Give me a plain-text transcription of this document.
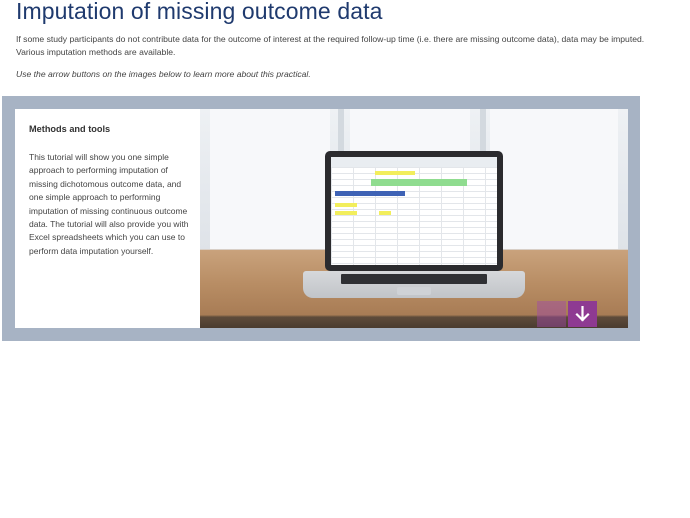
Imputation of missing outcome data

If some study participants do not contribute data for the outcome of interest at the required follow-up time (i.e. there are missing outcome data), data may be imputed. Various imputation methods are available.

Use the arrow buttons on the images below to learn more about this practical.

Methods and tools

This tutorial will show you one simple approach to performing imputation of missing dichotomous outcome data, and one simple approach to performing imputation of missing continuous outcome data. The tutorial will also provide you with Excel spreadsheets which you can use to perform data imputation yourself.
